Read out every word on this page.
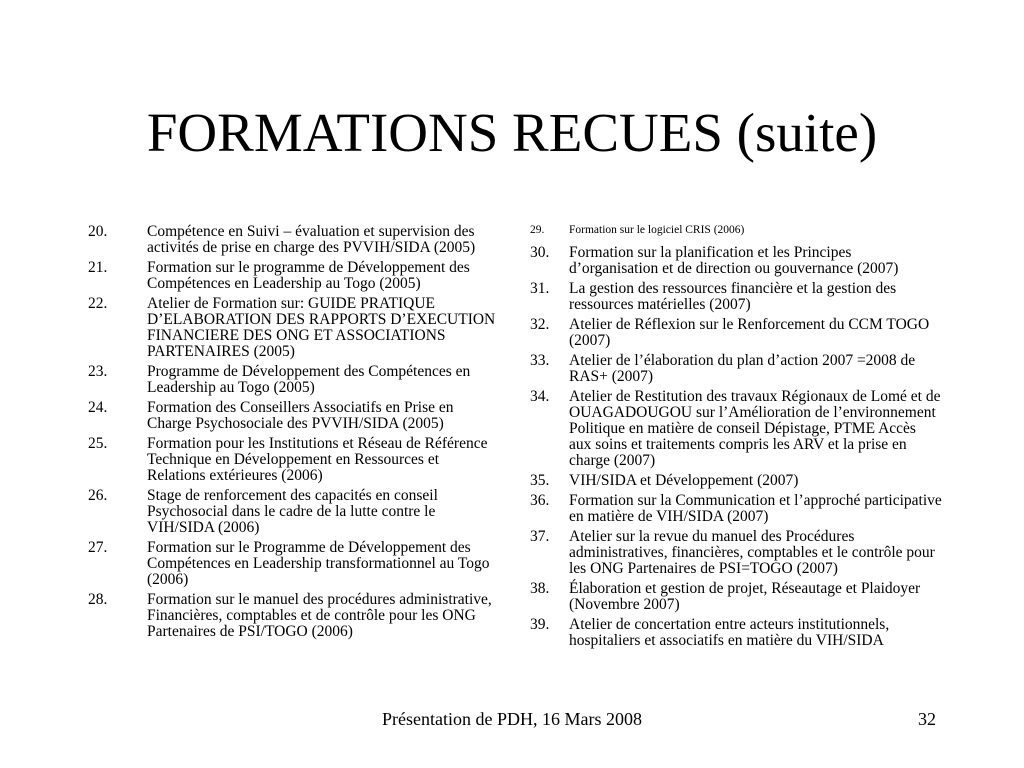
FORMATIONS RECUES (suite)
20.	Compétence en Suivi – évaluation et supervision des activités de prise en charge des PVVIH/SIDA (2005)
21.	Formation sur le programme de Développement des Compétences en Leadership au Togo (2005)
22.	Atelier de Formation sur: GUIDE PRATIQUE D’ELABORATION DES RAPPORTS D’EXECUTION FINANCIERE DES ONG ET ASSOCIATIONS PARTENAIRES (2005)
23.	Programme de Développement des Compétences en Leadership au Togo (2005)
24.	Formation des Conseillers Associatifs en Prise en Charge Psychosociale des PVVIH/SIDA (2005)
25.	Formation pour les Institutions et Réseau de Référence Technique en Développement en Ressources et Relations extérieures (2006)
26.	Stage de renforcement des capacités en conseil Psychosocial dans le cadre de la lutte contre le VIH/SIDA (2006)
27.	Formation sur le Programme de Développement des Compétences en Leadership transformationnel au Togo (2006)
28.	Formation sur le manuel des procédures administrative, Financières, comptables et de contrôle pour les ONG Partenaires de PSI/TOGO (2006)
29.	Formation sur le logiciel CRIS (2006)
30.	Formation sur la planification et les Principes d’organisation et de direction ou gouvernance (2007)
31.	La gestion des ressources financière et la gestion des ressources matérielles (2007)
32.	Atelier de Réflexion sur le Renforcement du CCM TOGO (2007)
33.	Atelier de l’élaboration du plan d’action 2007 =2008 de RAS+ (2007)
34.	Atelier de Restitution des travaux Régionaux de Lomé et de OUAGADOUGOU sur l’Amélioration de l’environnement Politique en matière de conseil Dépistage, PTME Accès aux soins et traitements compris les ARV et la prise en charge (2007)
35.	VIH/SIDA et Développement (2007)
36.	Formation sur la Communication et l’approché participative en matière de VIH/SIDA (2007)
37.	Atelier sur la revue du manuel des Procédures administratives, financières, comptables et le contrôle pour les ONG Partenaires de PSI=TOGO (2007)
38.	Élaboration et gestion de projet, Réseautage et Plaidoyer (Novembre 2007)
39.	Atelier de concertation entre acteurs institutionnels, hospitaliers et associatifs en matière du VIH/SIDA
Présentation de PDH, 16 Mars 2008	32
